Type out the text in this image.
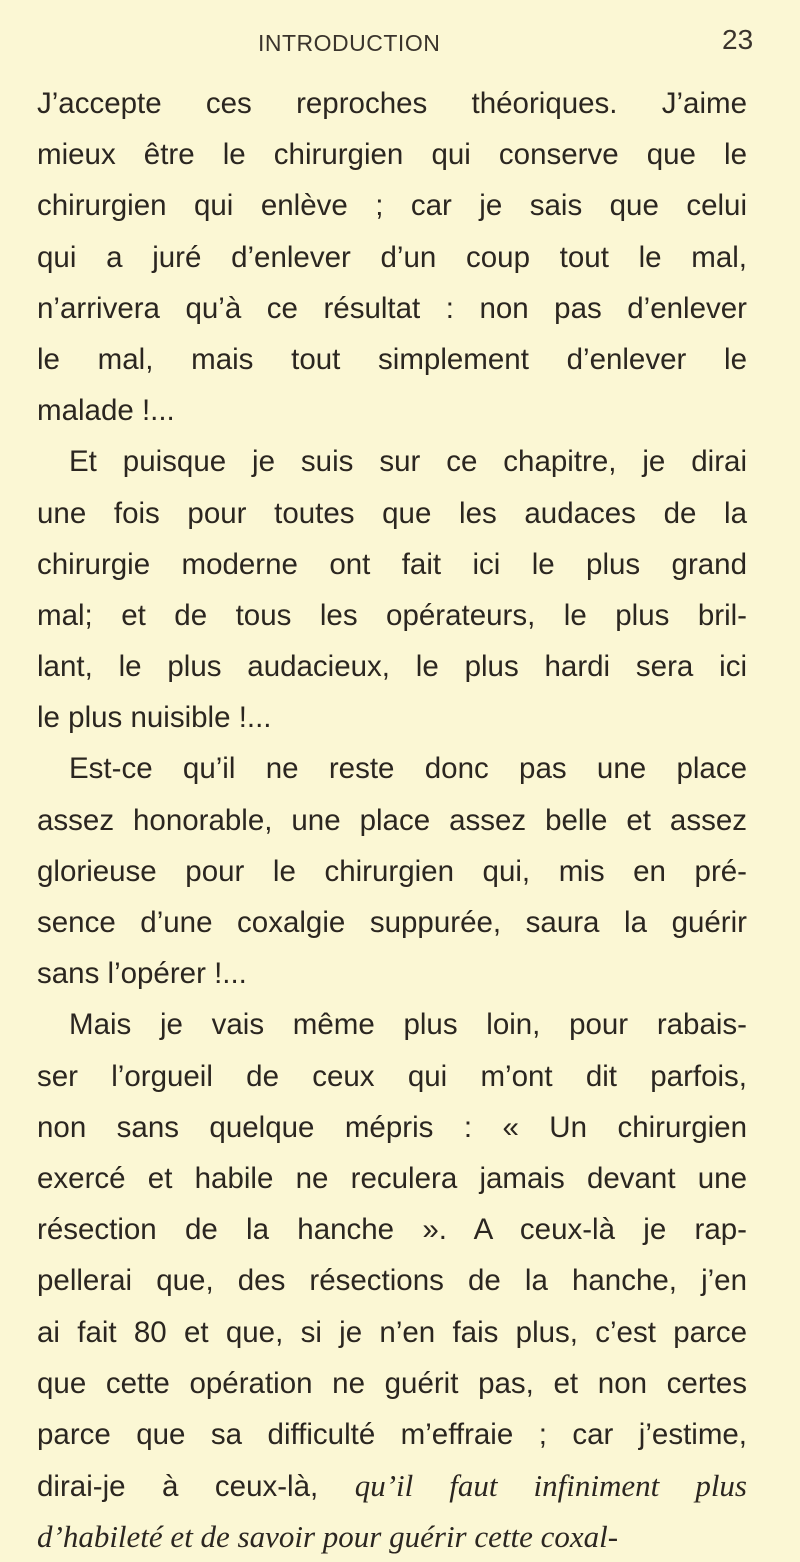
INTRODUCTION	23
J’accepte ces reproches théoriques. J’aime
mieux être le chirurgien qui conserve que le
chirurgien qui enlève ; car je sais que celui
qui a juré d’enlever d’un coup tout le mal,
n’arrivera qu’à ce résultat : non pas d’enlever
le mal, mais tout simplement d’enlever le
malade !...
Et puisque je suis sur ce chapitre, je dirai
une fois pour toutes que les audaces de la
chirurgie moderne ont fait ici le plus grand
mal; et de tous les opérateurs, le plus bril-
lant, le plus audacieux, le plus hardi sera ici
le plus nuisible !...
Est-ce qu’il ne reste donc pas une place
assez honorable, une place assez belle et assez
glorieuse pour le chirurgien qui, mis en pré-
sence d’une coxalgie suppurée, saura la guérir
sans l’opérer !...
Mais je vais même plus loin, pour rabais-
ser l’orgueil de ceux qui m’ont dit parfois,
non sans quelque mépris : « Un chirurgien
exercé et habile ne reculera jamais devant une
résection de la hanche ». A ceux-là je rap-
pellerai que, des résections de la hanche, j’en
ai fait 80 et que, si je n’en fais plus, c’est parce
que cette opération ne guérit pas, et non certes
parce que sa difficulté m’effraie ; car j’estime,
dirai-je à ceux-là, qu’il faut infiniment plus
d’habileté et de savoir pour guérir cette coxal-
